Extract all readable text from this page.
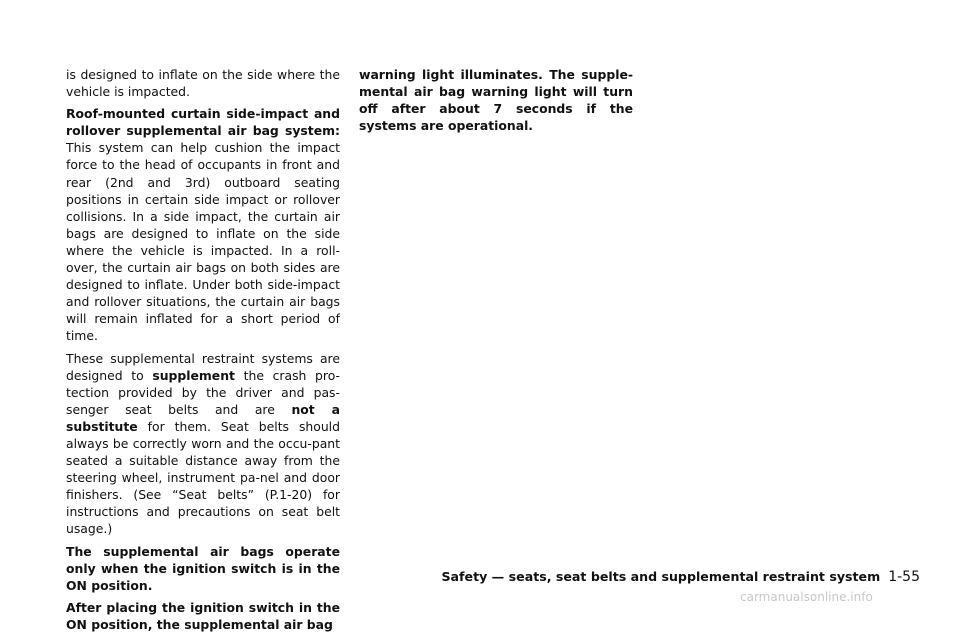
is designed to inflate on the side where the vehicle is impacted.

Roof-mounted curtain side-impact and rollover supplemental air bag system: This system can help cushion the impact force to the head of occupants in front and rear (2nd and 3rd) outboard seating positions in certain side impact or rollover collisions. In a side impact, the curtain air bags are designed to inflate on the side where the vehicle is impacted. In a roll-over, the curtain air bags on both sides are designed to inflate. Under both side-impact and rollover situations, the curtain air bags will remain inflated for a short period of time.

These supplemental restraint systems are designed to supplement the crash pro-tection provided by the driver and pas-senger seat belts and are not a substitute for them. Seat belts should always be correctly worn and the occu-pant seated a suitable distance away from the steering wheel, instrument pa-nel and door finishers. (See “Seat belts” (P.1-20) for instructions and precautions on seat belt usage.)

The supplemental air bags operate only when the ignition switch is in the ON position.

After placing the ignition switch in the ON position, the supplemental air bag

warning light illuminates. The supple-mental air bag warning light will turn off after about 7 seconds if the systems are operational.

Safety — seats, seat belts and supplemental restraint system 1-55
carmanualsonline.info
